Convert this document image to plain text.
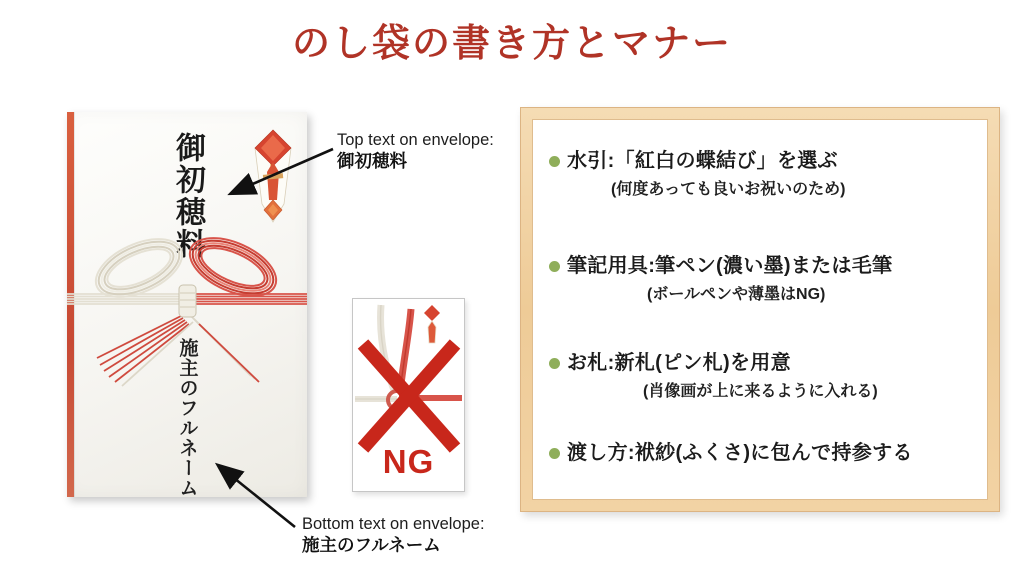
のし袋の書き方とマナー
御初穂料
施主のフルネーム
Top text on envelope:
御初穂料
Bottom text on envelope:
施主のフルネーム
NG
水引:「紅白の蝶結び」を選ぶ
(何度あっても良いお祝いのため)
筆記用具:筆ペン(濃い墨)または毛筆
(ボールペンや薄墨はNG)
お札:新札(ピン札)を用意
(肖像画が上に来るように入れる)
渡し方:袱紗(ふくさ)に包んで持参する
